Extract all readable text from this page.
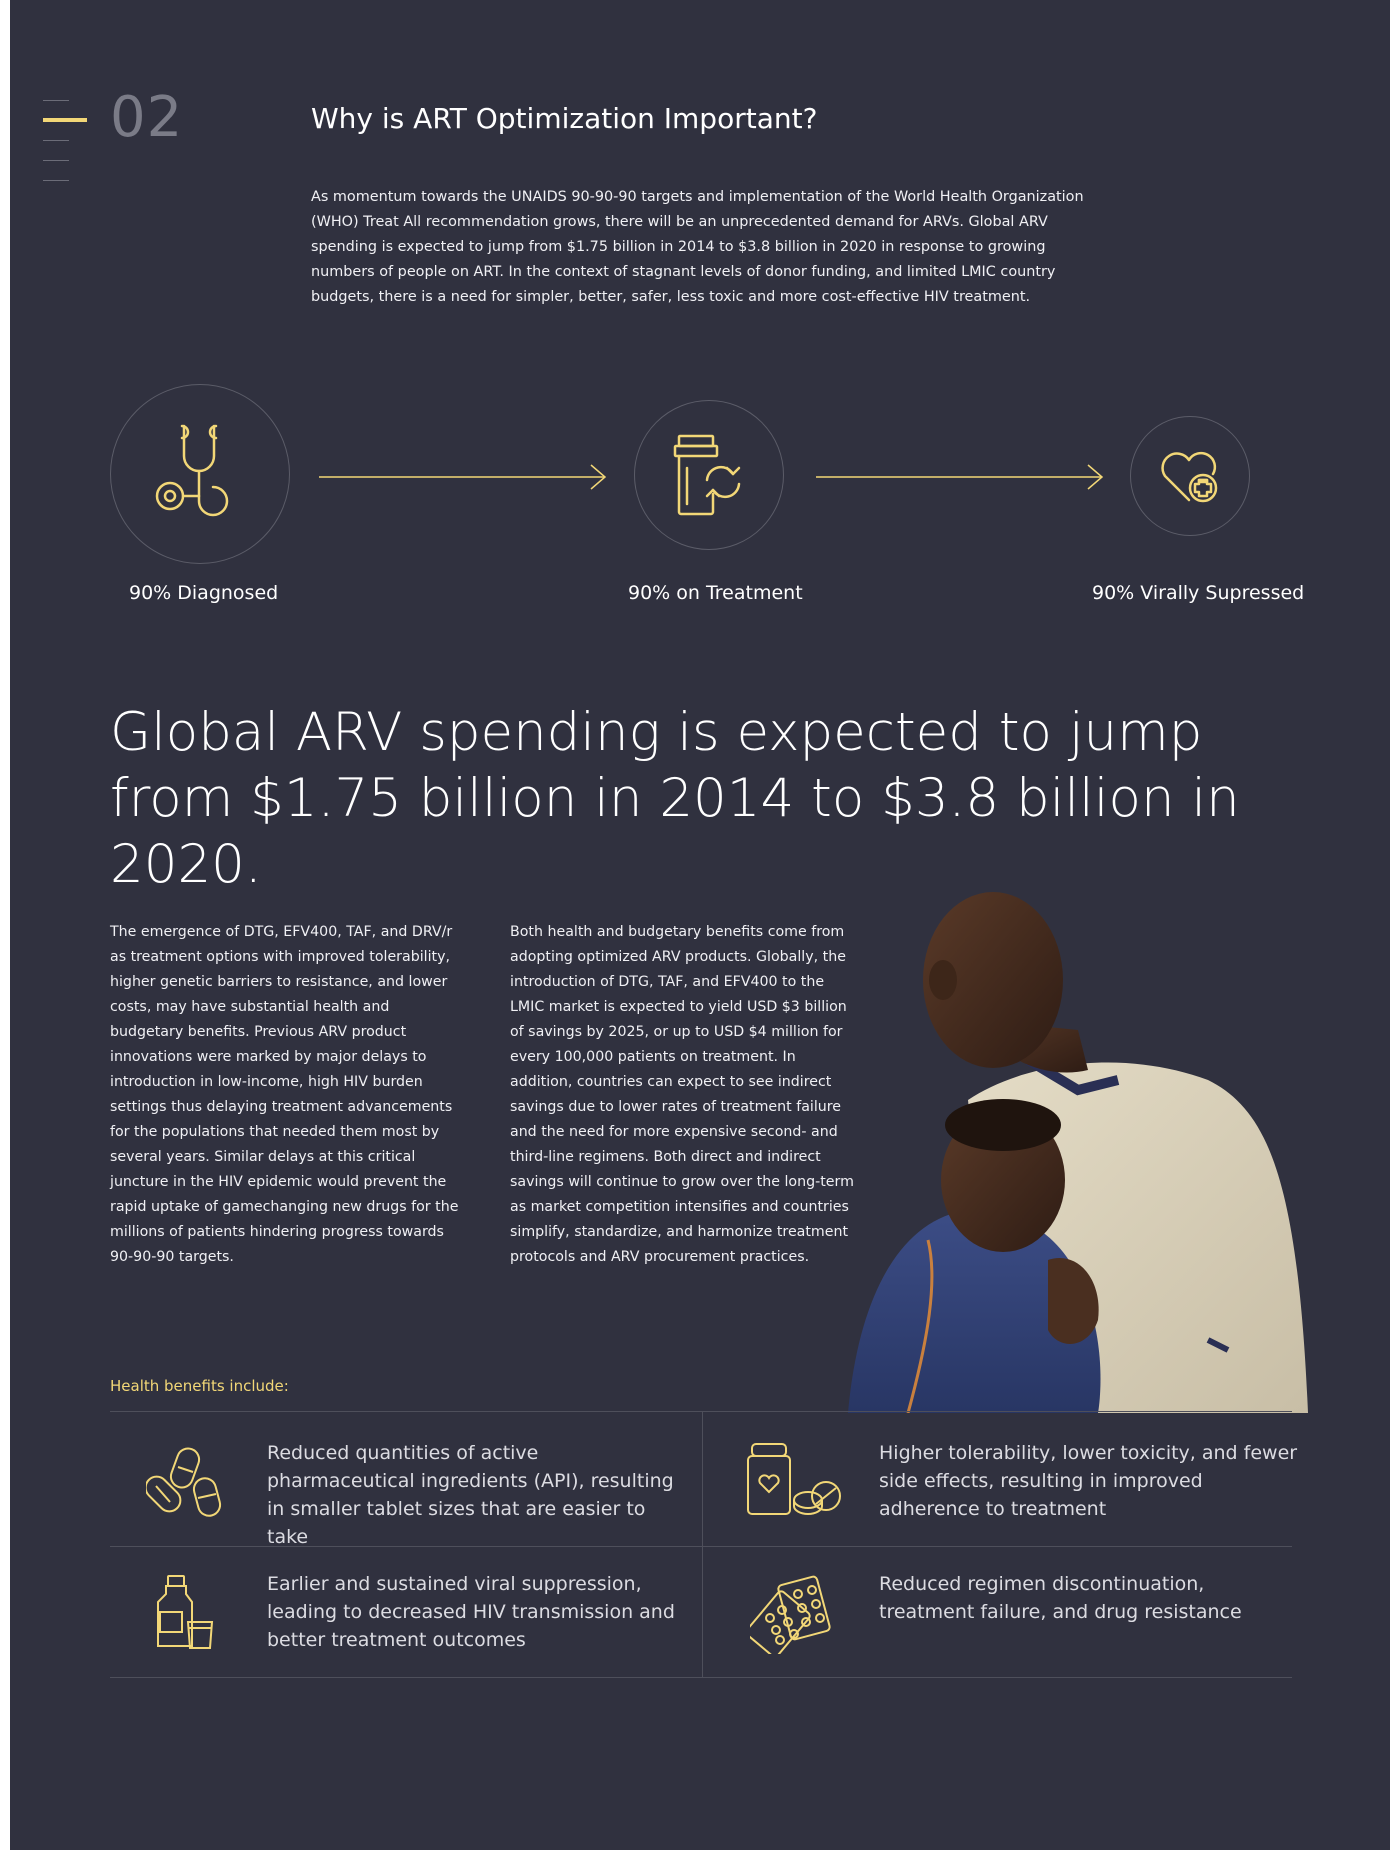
02	Why is ART Optimization Important?
As momentum towards the UNAIDS 90-90-90 targets and implementation of the World Health Organization (WHO) Treat All recommendation grows, there will be an unprecedented demand for ARVs. Global ARV spending is expected to jump from $1.75 billion in 2014 to $3.8 billion in 2020 in response to growing numbers of people on ART. In the context of stagnant levels of donor funding, and limited LMIC country budgets, there is a need for simpler, better, safer, less toxic and more cost-effective HIV treatment.
90% Diagnosed	90% on Treatment	90% Virally Supressed
Global ARV spending is expected to jump from $1.75 billion in 2014 to $3.8 billion in 2020.
The emergence of DTG, EFV400, TAF, and DRV/r as treatment options with improved tolerability, higher genetic barriers to resistance, and lower costs, may have substantial health and budgetary benefits. Previous ARV product innovations were marked by major delays to introduction in low-income, high HIV burden settings thus delaying treatment advancements for the populations that needed them most by several years. Similar delays at this critical juncture in the HIV epidemic would prevent the rapid uptake of gamechanging new drugs for the millions of patients hindering progress towards 90-90-90 targets.
Both health and budgetary benefits come from adopting optimized ARV products. Globally, the introduction of DTG, TAF, and EFV400 to the LMIC market is expected to yield USD $3 billion of savings by 2025, or up to USD $4 million for every 100,000 patients on treatment. In addition, countries can expect to see indirect savings due to lower rates of treatment failure and the need for more expensive second- and third-line regimens. Both direct and indirect savings will continue to grow over the long-term as market competition intensifies and countries simplify, standardize, and harmonize treatment protocols and ARV procurement practices.
Health benefits include:
Reduced quantities of active pharmaceutical ingredients (API), resulting in smaller tablet sizes that are easier to take
Higher tolerability, lower toxicity, and fewer side effects, resulting in improved adherence to treatment
Earlier and sustained viral suppression, leading to decreased HIV transmission and better treatment outcomes
Reduced regimen discontinuation, treatment failure, and drug resistance
